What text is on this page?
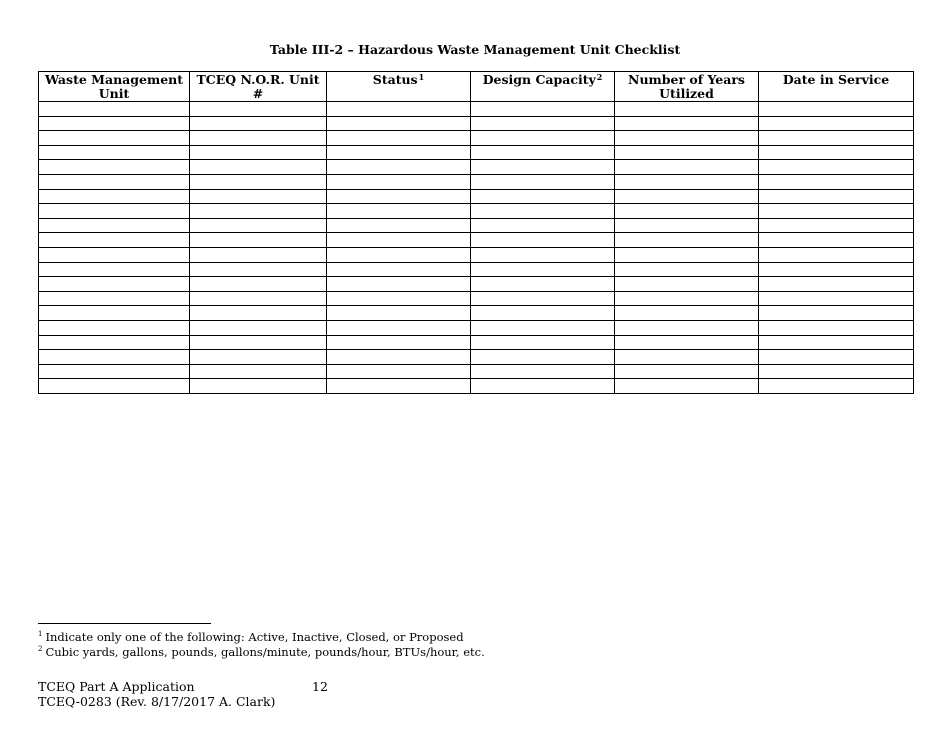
Table III-2 – Hazardous Waste Management Unit Checklist
Waste Management Unit	TCEQ N.O.R. Unit #	Status$^1$	Design Capacity$^2$	Number of Years Utilized	Date in Service

$^1$ Indicate only one of the following: Active, Inactive, Closed, or Proposed
$^2$ Cubic yards, gallons, pounds, gallons/minute, pounds/hour, BTUs/hour, etc.
TCEQ Part A Application
TCEQ-0283 (Rev. 8/17/2017 A. Clark)
12
